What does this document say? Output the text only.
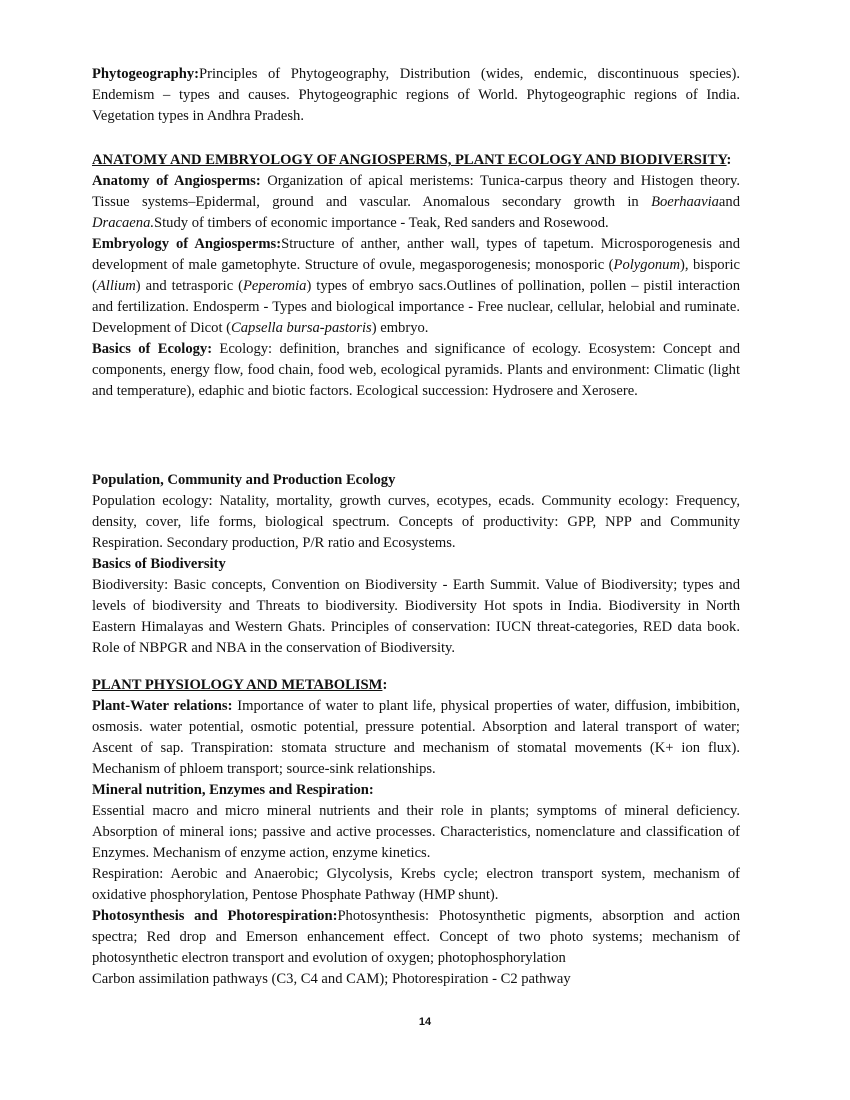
Phytogeography:Principles of Phytogeography, Distribution (wides, endemic, discontinuous species). Endemism – types and causes. Phytogeographic regions of World. Phytogeographic regions of India. Vegetation types in Andhra Pradesh.

ANATOMY AND EMBRYOLOGY OF ANGIOSPERMS, PLANT ECOLOGY AND BIODIVERSITY:

Anatomy of Angiosperms: Organization of apical meristems: Tunica-carpus theory and Histogen theory. Tissue systems–Epidermal, ground and vascular. Anomalous secondary growth in Boerhaaviaand Dracaena.Study of timbers of economic importance - Teak, Red sanders and Rosewood.

Embryology of Angiosperms:Structure of anther, anther wall, types of tapetum. Microsporogenesis and development of male gametophyte. Structure of ovule, megasporogenesis; monosporic (Polygonum), bisporic (Allium) and tetrasporic (Peperomia) types of embryo sacs.Outlines of pollination, pollen – pistil interaction and fertilization. Endosperm - Types and biological importance - Free nuclear, cellular, helobial and ruminate. Development of Dicot (Capsella bursa-pastoris) embryo.

Basics of Ecology: Ecology: definition, branches and significance of ecology. Ecosystem: Concept and components, energy flow, food chain, food web, ecological pyramids. Plants and environment: Climatic (light and temperature), edaphic and biotic factors. Ecological succession: Hydrosere and Xerosere.

Population, Community and Production Ecology

Population ecology: Natality, mortality, growth curves, ecotypes, ecads. Community ecology: Frequency, density, cover, life forms, biological spectrum. Concepts of productivity: GPP, NPP and Community Respiration. Secondary production, P/R ratio and Ecosystems.

Basics of Biodiversity

Biodiversity: Basic concepts, Convention on Biodiversity - Earth Summit. Value of Biodiversity; types and levels of biodiversity and Threats to biodiversity. Biodiversity Hot spots in India. Biodiversity in North Eastern Himalayas and Western Ghats. Principles of conservation: IUCN threat-categories, RED data book. Role of NBPGR and NBA in the conservation of Biodiversity.

PLANT PHYSIOLOGY AND METABOLISM:

Plant-Water relations: Importance of water to plant life, physical properties of water, diffusion, imbibition, osmosis. water potential, osmotic potential, pressure potential. Absorption and lateral transport of water; Ascent of sap. Transpiration: stomata structure and mechanism of stomatal movements (K+ ion flux). Mechanism of phloem transport; source-sink relationships.

Mineral nutrition, Enzymes and Respiration:

Essential macro and micro mineral nutrients and their role in plants; symptoms of mineral deficiency. Absorption of mineral ions; passive and active processes. Characteristics, nomenclature and classification of Enzymes. Mechanism of enzyme action, enzyme kinetics.

Respiration: Aerobic and Anaerobic; Glycolysis, Krebs cycle; electron transport system, mechanism of oxidative phosphorylation, Pentose Phosphate Pathway (HMP shunt).

Photosynthesis and Photorespiration:Photosynthesis: Photosynthetic pigments, absorption and action spectra; Red drop and Emerson enhancement effect. Concept of two photo systems; mechanism of photosynthetic electron transport and evolution of oxygen; photophosphorylation

Carbon assimilation pathways (C3, C4 and CAM); Photorespiration - C2 pathway

14
